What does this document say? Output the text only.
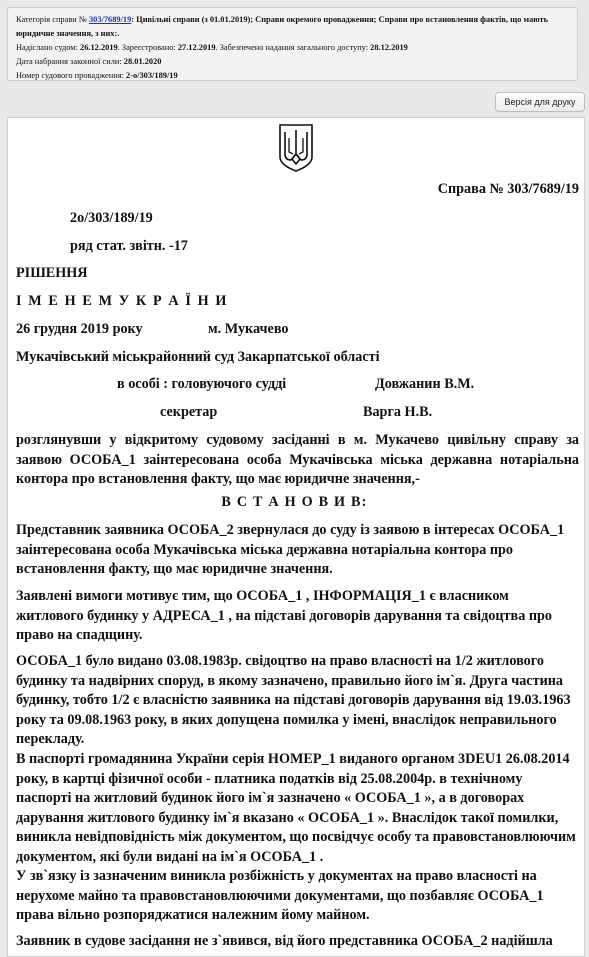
Категорія справи № 303/7689/19: Цивільні справи (з 01.01.2019); Справи окремого провадження; Справи про встановлення фактів, що мають юридичне значення, з них:.
Надіслано судом: 26.12.2019. Зареєстровано: 27.12.2019. Забезпечено надання загального доступу: 28.12.2019
Дата набрання законної сили: 28.01.2020
Номер судового провадження: 2-о/303/189/19
Версія для друку
Справа № 303/7689/19
2о/303/189/19
ряд стат. звітн. -17
РІШЕННЯ
І М Е Н Е М У К Р А Ї Н И
26 грудня 2019 року	м. Мукачево
Мукачівський міськрайонний суд Закарпатської області
в особі : головуючого судді	Довжанин В.М.
секретар	Варга Н.В.

розглянувши у відкритому судовому засіданні в м. Мукачево цивільну справу за заявою ОСОБА_1 заінтересована особа Мукачівська міська державна нотаріальна контора про встановлення факту, що має юридичне значення,-

В С Т А Н О В И В:

Представник заявника ОСОБА_2 звернулася до суду із заявою в інтересах ОСОБА_1 заінтересована особа Мукачівська міська державна нотаріальна контора про встановлення факту, що має юридичне значення.

Заявлені вимоги мотивує тим, що ОСОБА_1 , ІНФОРМАЦІЯ_1 є власником житлового будинку у АДРЕСА_1 , на підставі договорів дарування та свідоцтва про право на спадщину.

ОСОБА_1 було видано 03.08.1983р. свідоцтво на право власності на 1/2 житлового будинку та надвірних споруд, в якому зазначено, правильно його ім`я. Друга частина будинку, тобто 1/2 є власністю заявника на підставі договорів дарування від 19.03.1963 року та 09.08.1963 року, в яких допущена помилка у імені, внаслідок неправильного перекладу.

В паспорті громадянина України серія НОМЕР_1 виданого органом 3DEU1 26.08.2014 року, в картці фізичної особи - платника податків від 25.08.2004р. в технічному паспорті на житловий будинок його ім`я зазначено « ОСОБА_1 », а в договорах дарування житлового будинку ім`я вказано « ОСОБА_1 ». Внаслідок такої помилки, виникла невідповідність між документом, що посвідчує особу та правовстановлюючим документом, які були видані на ім`я ОСОБА_1 .

У зв`язку із зазначеним виникла розбіжність у документах на право власності на нерухоме майно та правовстановлюючими документами, що позбавляє ОСОБА_1 права вільно розпоряджатися належним йому майном.

Заявник в судове засідання не з`явився, від його представника ОСОБА_2 надійшла
